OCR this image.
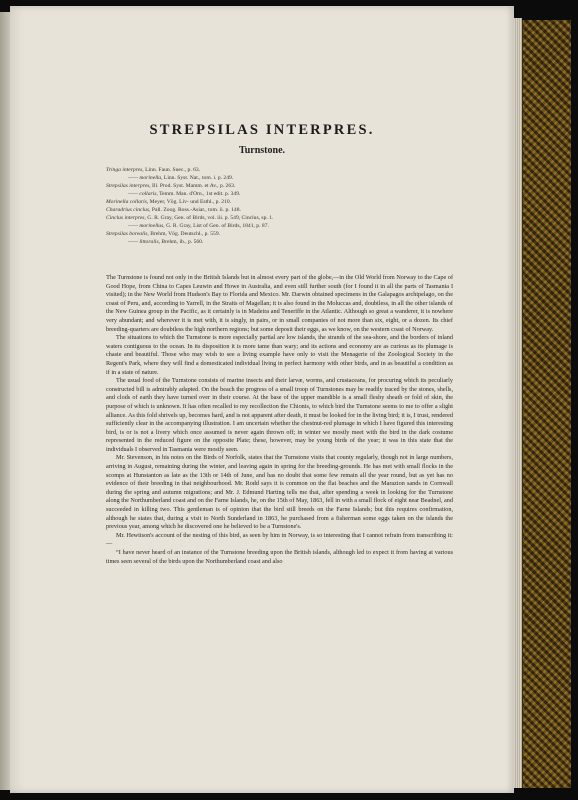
STREPSILAS INTERPRES.
Turnstone.
Tringa interpres, Linn. Faun. Suec., p. 63.
—— morinella, Linn. Syst. Nat., tom. i. p. 249.
Strepsilas interpres, Ill. Prod. Syst. Mamm. et Av., p. 263.
—— collaris, Temm. Man. d'Orn., 1st edit. p. 349.
Morinella collaris, Meyer, Vög. Liv- und Esthl., p. 210.
Charadrius cinclus, Pall. Zoog. Ross.-Asiat., tom. ii. p. 148.
Cinclus interpres, G. R. Gray, Gen. of Birds, vol. iii. p. 549, Cinclus, sp. 1.
—— morinellus, G. R. Gray, List of Gen. of Birds, 1841, p. 87.
Strepsilas borealis, Brehm, Vög. Deutschl., p. 559.
—— littoralis, Brehm, ib., p. 560.

The Turnstone is found not only in the British Islands but in almost every part of the globe,—in the Old World from Norway to the Cape of Good Hope, from China to Capes Leuwin and Howe in Australia, and even still further south (for I found it in all the parts of Tasmania I visited); in the New World from Hudson's Bay to Florida and Mexico. Mr. Darwin obtained specimens in the Galapagos archipelago, on the coast of Peru, and, according to Yarrell, in the Straits of Magellan; it is also found in the Moluccas and, doubtless, in all the other islands of the New Guinea group in the Pacific, as it certainly is in Madeira and Teneriffe in the Atlantic. Although so great a wanderer, it is nowhere very abundant; and wherever it is met with, it is singly, in pairs, or in small companies of not more than six, eight, or a dozen. Its chief breeding-quarters are doubtless the high northern regions; but some deposit their eggs, as we know, on the western coast of Norway.

The situations to which the Turnstone is more especially partial are low islands, the strands of the sea-shore, and the borders of inland waters contiguous to the ocean. In its disposition it is more tame than wary; and its actions and economy are as curious as its plumage is chaste and beautiful. Those who may wish to see a living example have only to visit the Menagerie of the Zoological Society in the Regent's Park, where they will find a domesticated individual living in perfect harmony with other birds, and in as beautiful a condition as if in a state of nature.

The usual food of the Turnstone consists of marine insects and their larvæ, worms, and crustaceans, for procuring which its peculiarly constructed bill is admirably adapted. On the beach the progress of a small troop of Turnstones may be readily traced by the stones, shells, and clods of earth they have turned over in their course. At the base of the upper mandible is a small fleshy sheath or fold of skin, the purpose of which is unknown. It has often recalled to my recollection the Chionis, to which bird the Turnstone seems to me to offer a slight alliance. As this fold shrivels up, becomes hard, and is not apparent after death, it must be looked for in the living bird; it is, I trust, rendered sufficiently clear in the accompanying illustration. I am uncertain whether the chestnut-red plumage in which I have figured this interesting bird, is or is not a livery which once assumed is never again thrown off; in winter we mostly meet with the bird in the dark costume represented in the reduced figure on the opposite Plate; these, however, may be young birds of the year; it was in this state that the individuals I observed in Tasmania were mostly seen.

Mr. Stevenson, in his notes on the Birds of Norfolk, states that the Turnstone visits that county regularly, though not in large numbers, arriving in August, remaining during the winter, and leaving again in spring for the breeding-grounds. He has met with small flocks in the scomps at Hunstanton as late as the 13th or 14th of June, and has no doubt that some few remain all the year round, but as yet has no evidence of their breeding in that neighbourhood. Mr. Rodd says it is common on the flat beaches and the Marazion sands in Cornwall during the spring and autumn migrations; and Mr. J. Edmund Harting tells me that, after spending a week in looking for the Turnstone along the Northumberland coast and on the Farne Islands, he, on the 15th of May, 1863, fell in with a small flock of eight near Beadnel, and succeeded in killing two. This gentleman is of opinion that the bird still breeds on the Farne Islands; but this requires confirmation, although he states that, during a visit to North Sunderland in 1863, he purchased from a fisherman some eggs taken on the islands the previous year, among which he discovered one he believed to be a Turnstone's.

Mr. Hewitson's account of the nesting of this bird, as seen by him in Norway, is so interesting that I cannot refrain from transcribing it:—

“I have never heard of an instance of the Turnstone breeding upon the British islands, although led to expect it from having at various times seen several of the birds upon the Northumberland coast and also
